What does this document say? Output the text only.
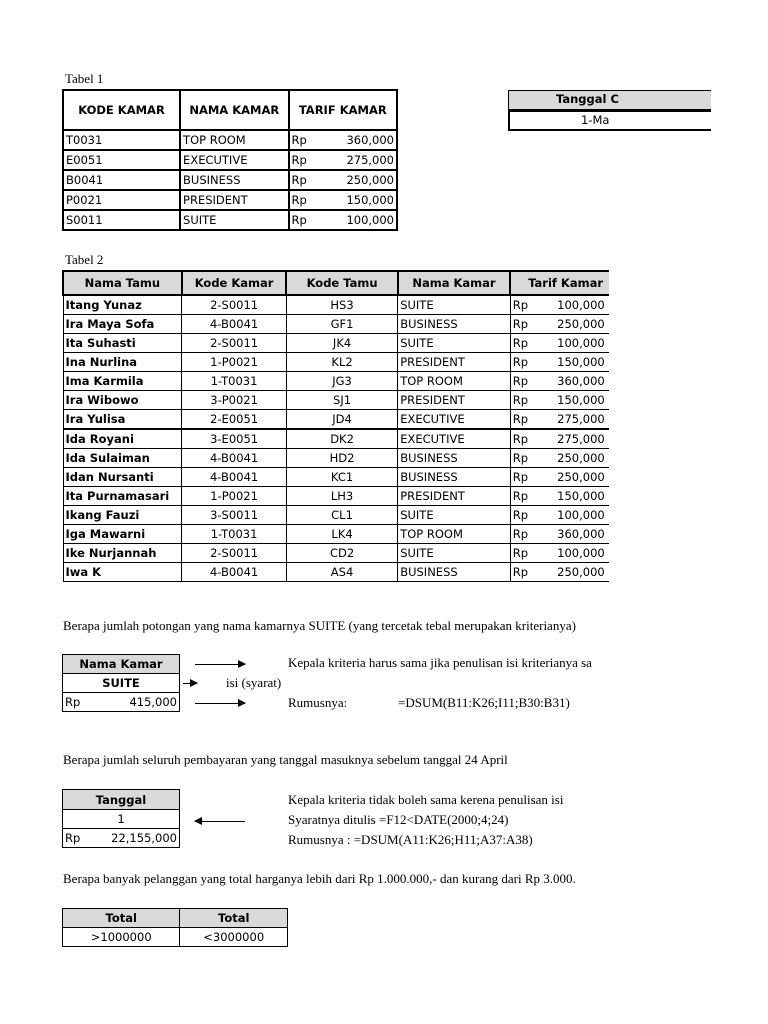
Tabel 1
KODE KAMAR	NAMA KAMAR	TARIF KAMAR
T0031	TOP ROOM	Rp 360,000

E0051	EXECUTIVE	Rp 275,000

B0041	BUSINESS	Rp 250,000

P0021	PRESIDENT	Rp 150,000

S0011	SUITE	Rp 100,000
Tanggal C
1-Ma
Tabel 2
Nama Tamu	Kode Kamar	Kode Tamu	Nama Kamar	Tarif Kamar
Itang Yunaz	2-S0011	HS3	SUITE	Rp 100,000

Ira Maya Sofa	4-B0041	GF1	BUSINESS	Rp 250,000

Ita Suhasti	2-S0011	JK4	SUITE	Rp 100,000

Ina Nurlina	1-P0021	KL2	PRESIDENT	Rp 150,000

Ima Karmila	1-T0031	JG3	TOP ROOM	Rp 360,000

Ira Wibowo	3-P0021	SJ1	PRESIDENT	Rp 150,000

Ira Yulisa	2-E0051	JD4	EXECUTIVE	Rp 275,000

Ida Royani	3-E0051	DK2	EXECUTIVE	Rp 275,000

Ida Sulaiman	4-B0041	HD2	BUSINESS	Rp 250,000

Idan Nursanti	4-B0041	KC1	BUSINESS	Rp 250,000

Ita Purnamasari	1-P0021	LH3	PRESIDENT	Rp 150,000

Ikang Fauzi	3-S0011	CL1	SUITE	Rp 100,000

Iga Mawarni	1-T0031	LK4	TOP ROOM	Rp 360,000

Ike Nurjannah	2-S0011	CD2	SUITE	Rp 100,000

Iwa K	4-B0041	AS4	BUSINESS	Rp 250,000
Berapa jumlah potongan yang nama kamarnya SUITE (yang tercetak tebal merupakan kriterianya)
Nama Kamar
SUITE

Rp	415,000
Kepala kriteria harus sama jika penulisan isi kriterianya sa
isi (syarat)
Rumusnya:	=DSUM(B11:K26;I11;B30:B31)
Berapa jumlah seluruh pembayaran yang tanggal masuknya sebelum tanggal 24 April
Tanggal
1

Rp	22,155,000
Kepala kriteria tidak boleh sama kerena penulisan isi
Syaratnya ditulis =F12<DATE(2000;4;24)
Rumusnya : =DSUM(A11:K26;H11;A37:A38)
Berapa banyak pelanggan yang total harganya lebih dari Rp 1.000.000,- dan kurang dari Rp 3.000.
Total	Total
>1000000	<3000000
